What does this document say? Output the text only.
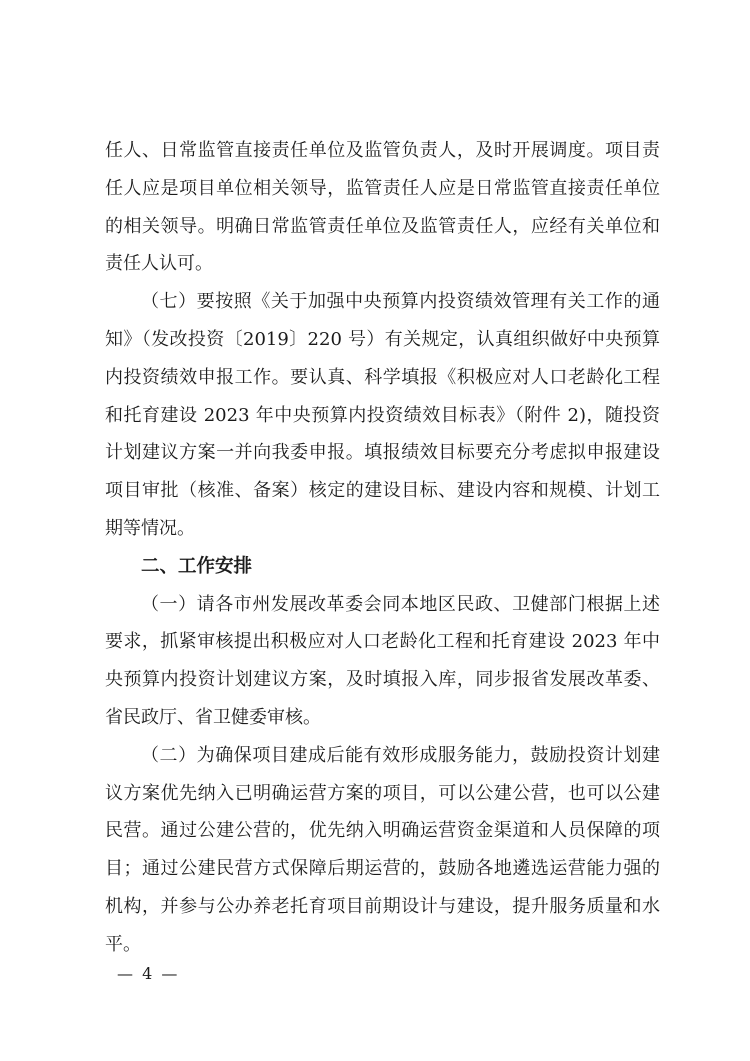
任人、日常监管直接责任单位及监管负责人，及时开展调度。项目责任人应是项目单位相关领导，监管责任人应是日常监管直接责任单位的相关领导。明确日常监管责任单位及监管责任人，应经有关单位和责任人认可。

（七）要按照《关于加强中央预算内投资绩效管理有关工作的通知》（发改投资〔2019〕220 号）有关规定，认真组织做好中央预算内投资绩效申报工作。要认真、科学填报《积极应对人口老龄化工程和托育建设 2023 年中央预算内投资绩效目标表》（附件 2)，随投资计划建议方案一并向我委申报。填报绩效目标要充分考虑拟申报建设项目审批（核准、备案）核定的建设目标、建设内容和规模、计划工期等情况。

二、工作安排

（一）请各市州发展改革委会同本地区民政、卫健部门根据上述要求，抓紧审核提出积极应对人口老龄化工程和托育建设 2023 年中央预算内投资计划建议方案，及时填报入库，同步报省发展改革委、省民政厅、省卫健委审核。

（二）为确保项目建成后能有效形成服务能力，鼓励投资计划建议方案优先纳入已明确运营方案的项目，可以公建公营，也可以公建民营。通过公建公营的，优先纳入明确运营资金渠道和人员保障的项目；通过公建民营方式保障后期运营的，鼓励各地遴选运营能力强的机构，并参与公办养老托育项目前期设计与建设，提升服务质量和水平。

— 4 —
